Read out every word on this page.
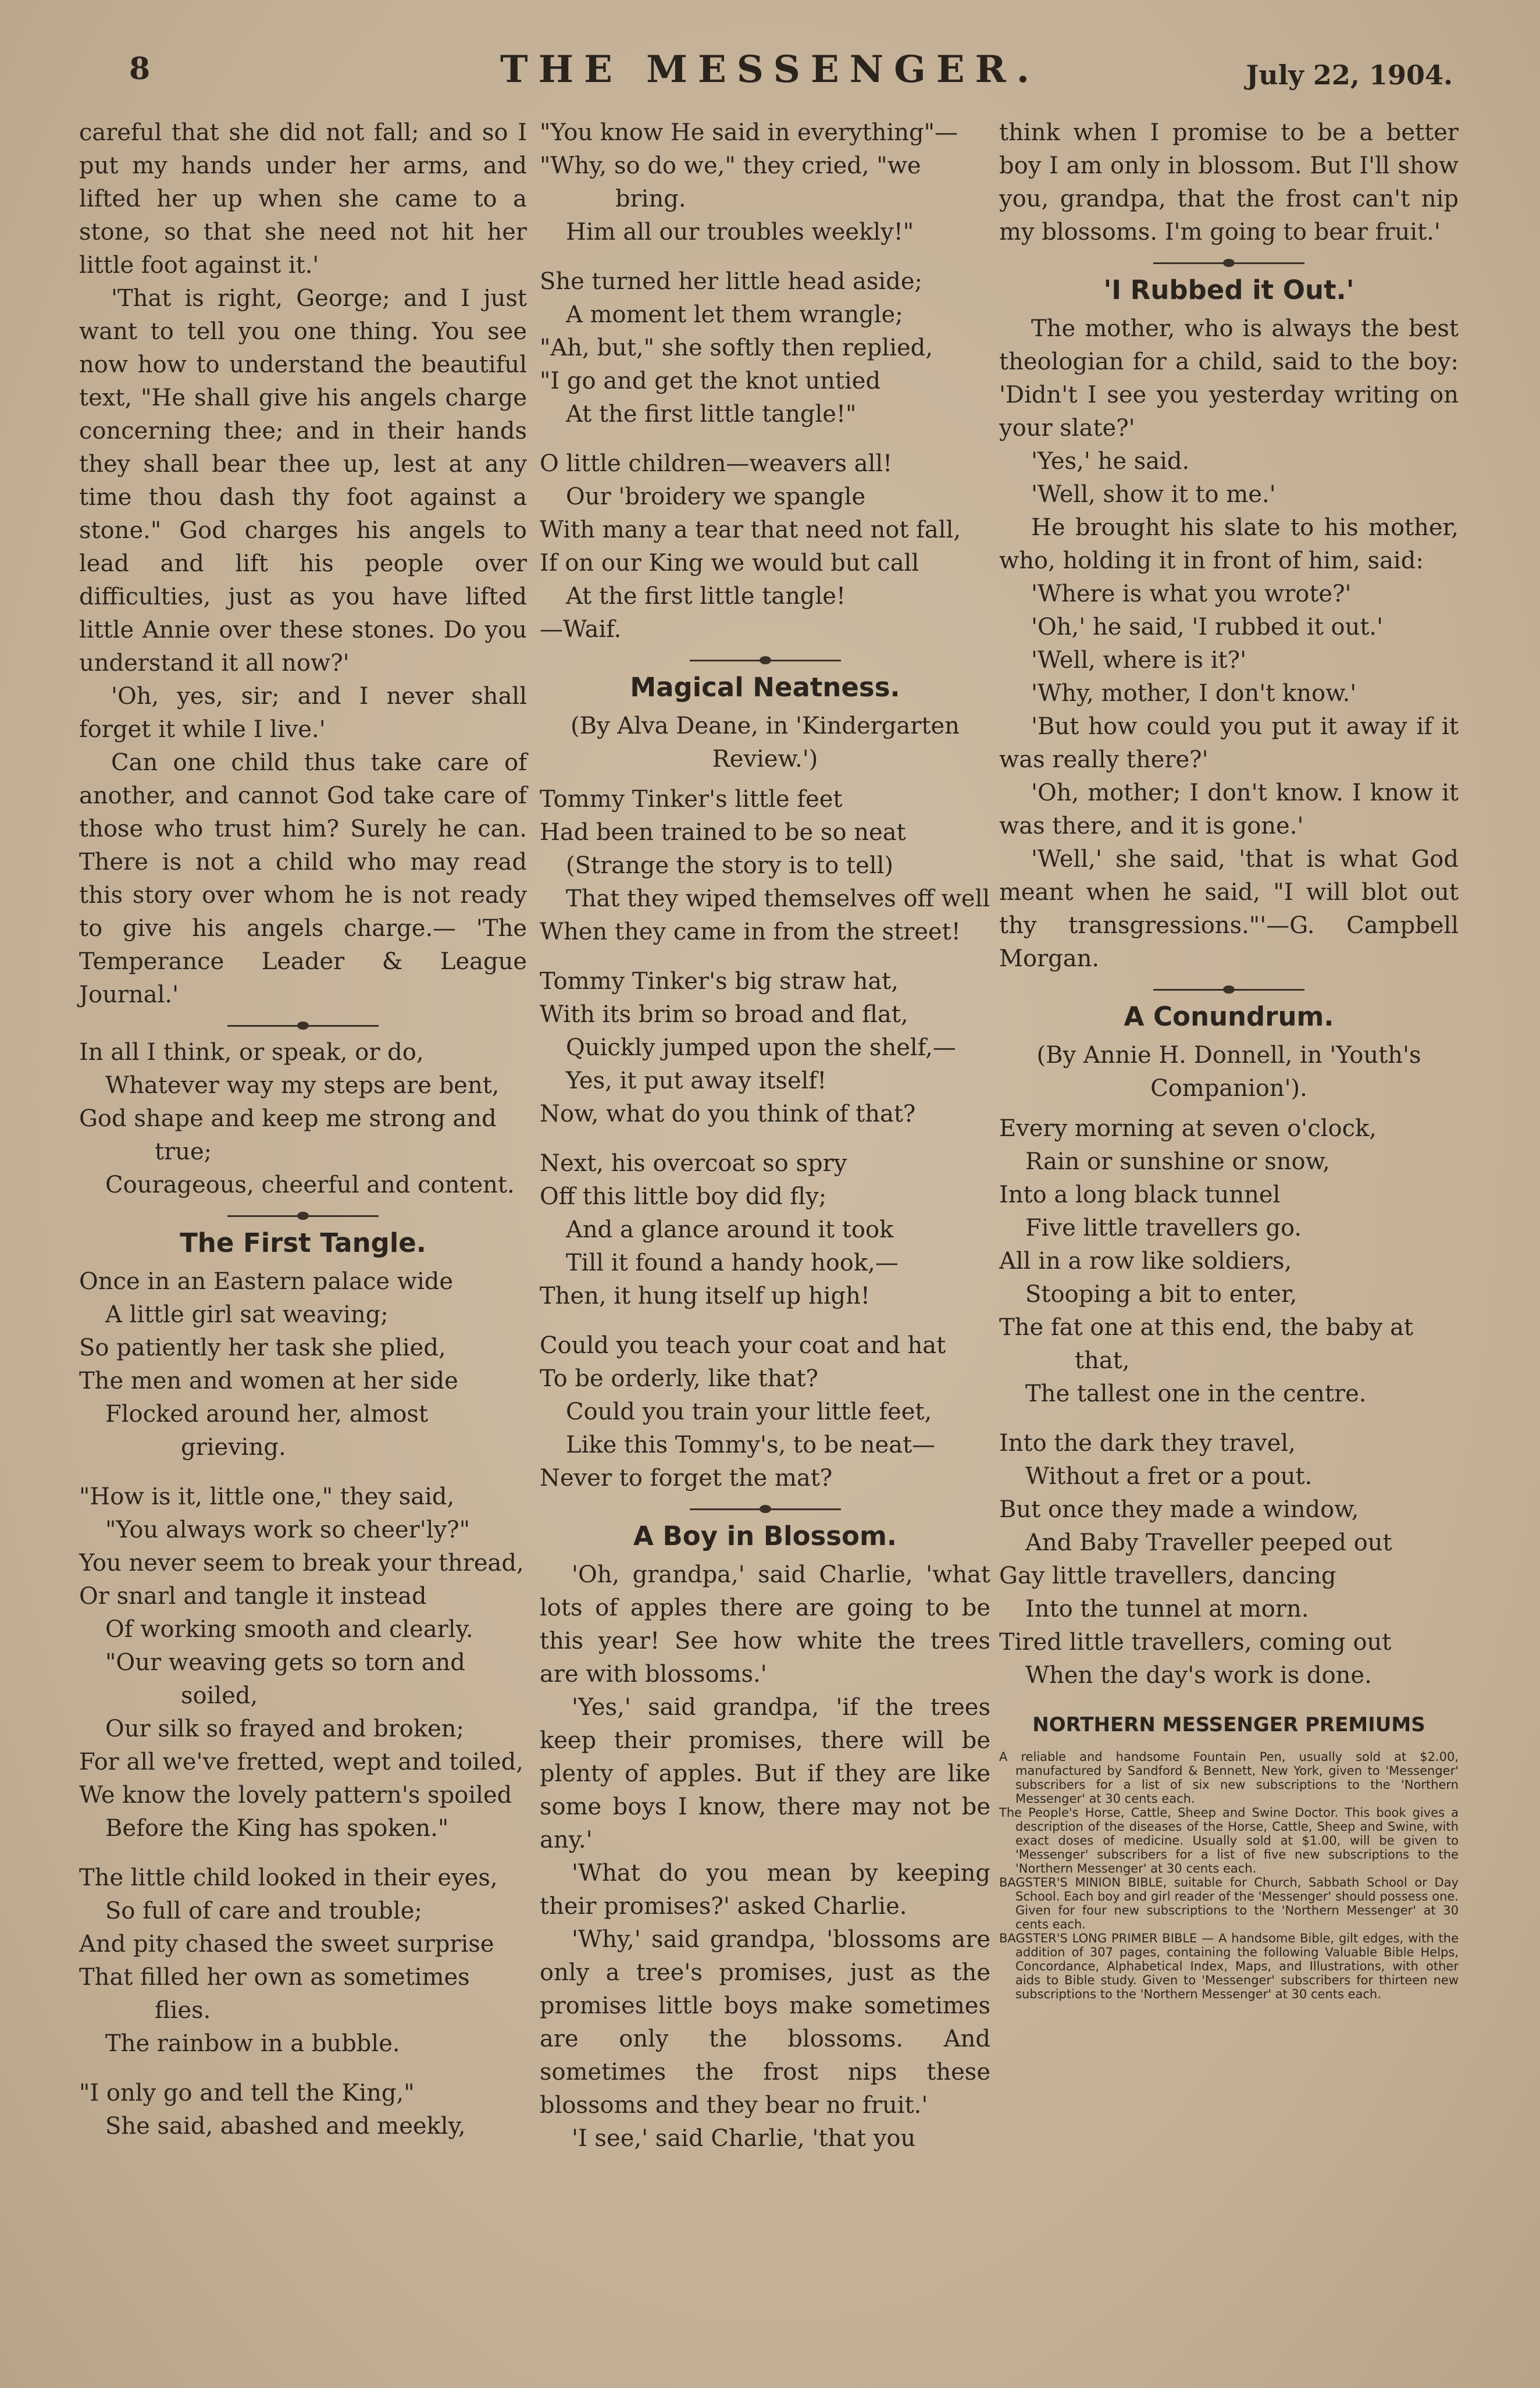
8	THE MESSENGER.	July 22, 1904.

careful that she did not fall; and so I put my hands under her arms, and lifted her up when she came to a stone, so that she need not hit her little foot against it.'

'That is right, George; and I just want to tell you one thing. You see now how to understand the beautiful text, "He shall give his angels charge concerning thee; and in their hands they shall bear thee up, lest at any time thou dash thy foot against a stone." God charges his angels to lead and lift his people over difficulties, just as you have lifted little Annie over these stones. Do you understand it all now?'

'Oh, yes, sir; and I never shall forget it while I live.'

Can one child thus take care of another, and cannot God take care of those who trust him? Surely he can. There is not a child who may read this story over whom he is not ready to give his angels charge.— 'The Temperance Leader & League Journal.'

In all I think, or speak, or do,
Whatever way my steps are bent,
God shape and keep me strong and true;
Courageous, cheerful and content.
The First Tangle.
Once in an Eastern palace wide
A little girl sat weaving;
So patiently her task she plied,
The men and women at her side
Flocked around her, almost grieving.
"How is it, little one," they said,
"You always work so cheer'ly?"
You never seem to break your thread,
Or snarl and tangle it instead
Of working smooth and clearly.
"Our weaving gets so torn and soiled,
Our silk so frayed and broken;
For all we've fretted, wept and toiled,
We know the lovely pattern's spoiled
Before the King has spoken."
The little child looked in their eyes,
So full of care and trouble;
And pity chased the sweet surprise
That filled her own as sometimes flies.
The rainbow in a bubble.
"I only go and tell the King,"
She said, abashed and meekly,
"You know He said in everything"—
"Why, so do we," they cried, "we bring.
Him all our troubles weekly!"
She turned her little head aside;
A moment let them wrangle;
"Ah, but," she softly then replied,
"I go and get the knot untied
At the first little tangle!"
O little children—weavers all!
Our 'broidery we spangle
With many a tear that need not fall,
If on our King we would but call
At the first little tangle!
—Waif.
Magical Neatness.
(By Alva Deane, in 'Kindergarten Review.')
Tommy Tinker's little feet
Had been trained to be so neat
(Strange the story is to tell)
That they wiped themselves off well
When they came in from the street!
Tommy Tinker's big straw hat,
With its brim so broad and flat,
Quickly jumped upon the shelf,—
Yes, it put away itself!
Now, what do you think of that?
Next, his overcoat so spry
Off this little boy did fly;
And a glance around it took
Till it found a handy hook,—
Then, it hung itself up high!
Could you teach your coat and hat
To be orderly, like that?
Could you train your little feet,
Like this Tommy's, to be neat—
Never to forget the mat?
A Boy in Blossom.

'Oh, grandpa,' said Charlie, 'what lots of apples there are going to be this year! See how white the trees are with blossoms.'

'Yes,' said grandpa, 'if the trees keep their promises, there will be plenty of apples. But if they are like some boys I know, there may not be any.'

'What do you mean by keeping their promises?' asked Charlie.

'Why,' said grandpa, 'blossoms are only a tree's promises, just as the promises little boys make sometimes are only the blossoms. And sometimes the frost nips these blossoms and they bear no fruit.'

'I see,' said Charlie, 'that you

think when I promise to be a better boy I am only in blossom. But I'll show you, grandpa, that the frost can't nip my blossoms. I'm going to bear fruit.'

'I Rubbed it Out.'

The mother, who is always the best theologian for a child, said to the boy: 'Didn't I see you yesterday writing on your slate?'

'Yes,' he said.

'Well, show it to me.'

He brought his slate to his mother, who, holding it in front of him, said:

'Where is what you wrote?'

'Oh,' he said, 'I rubbed it out.'

'Well, where is it?'

'Why, mother, I don't know.'

'But how could you put it away if it was really there?'

'Oh, mother; I don't know. I know it was there, and it is gone.'

'Well,' she said, 'that is what God meant when he said, "I will blot out thy transgressions."'—G. Campbell Morgan.

A Conundrum.
(By Annie H. Donnell, in 'Youth's Companion').
Every morning at seven o'clock,
Rain or sunshine or snow,
Into a long black tunnel
Five little travellers go.
All in a row like soldiers,
Stooping a bit to enter,
The fat one at this end, the baby at that,
The tallest one in the centre.
Into the dark they travel,
Without a fret or a pout.
But once they made a window,
And Baby Traveller peeped out
Gay little travellers, dancing
Into the tunnel at morn.
Tired little travellers, coming out
When the day's work is done.
NORTHERN MESSENGER PREMIUMS

A reliable and handsome Fountain Pen, usually sold at $2.00, manufactured by Sandford & Bennett, New York, given to 'Messenger' subscribers for a list of six new subscriptions to the 'Northern Messenger' at 30 cents each.

The People's Horse, Cattle, Sheep and Swine Doctor. This book gives a description of the diseases of the Horse, Cattle, Sheep and Swine, with exact doses of medicine. Usually sold at $1.00, will be given to 'Messenger' subscribers for a list of five new subscriptions to the 'Northern Messenger' at 30 cents each.

BAGSTER'S MINION BIBLE, suitable for Church, Sabbath School or Day School. Each boy and girl reader of the 'Messenger' should possess one. Given for four new subscriptions to the 'Northern Messenger' at 30 cents each.

BAGSTER'S LONG PRIMER BIBLE — A handsome Bible, gilt edges, with the addition of 307 pages, containing the following Valuable Bible Helps, Concordance, Alphabetical Index, Maps, and Illustrations, with other aids to Bible study. Given to 'Messenger' subscribers for thirteen new subscriptions to the 'Northern Messenger' at 30 cents each.
